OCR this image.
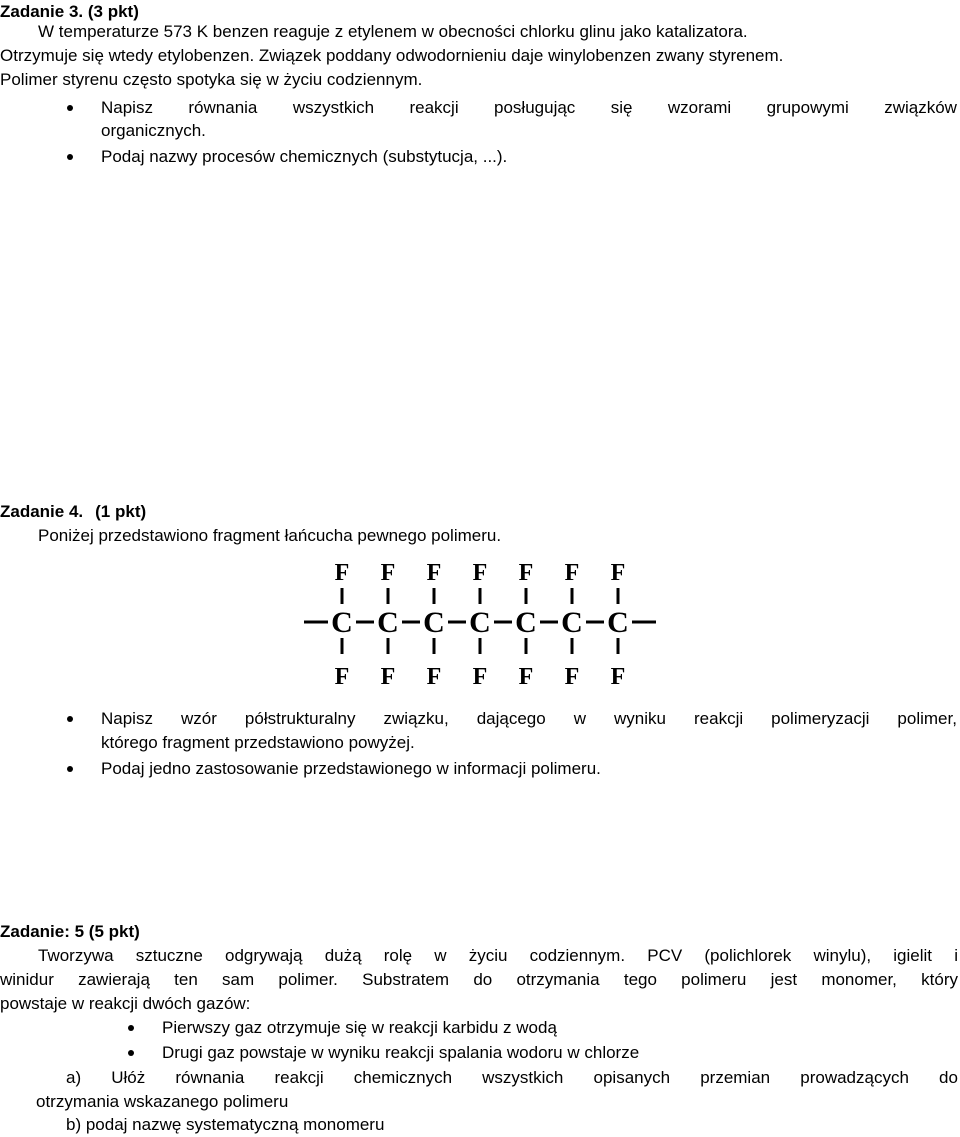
Zadanie 3. (3 pkt)
W temperaturze 573 K benzen reaguje z etylenem w obecności chlorku glinu jako katalizatora.
Otrzymuje się wtedy etylobenzen. Związek poddany odwodornieniu daje winylobenzen zwany styrenem.
Polimer styrenu często spotyka się w życiu codziennym.
Napisz równania wszystkich reakcji posługując się wzorami grupowymi związków
organicznych.
Podaj nazwy procesów chemicznych (substytucja, ...).
Zadanie 4. (1 pkt)
Poniżej przedstawiono fragment łańcucha pewnego polimeru.
F F F F F F F
C C C C C C C
F F F F F F F
Napisz wzór półstrukturalny związku, dającego w wyniku reakcji polimeryzacji polimer,
którego fragment przedstawiono powyżej.
Podaj jedno zastosowanie przedstawionego w informacji polimeru.
Zadanie: 5 (5 pkt)
Tworzywa sztuczne odgrywają dużą rolę w życiu codziennym. PCV (polichlorek winylu), igielit i
winidur zawierają ten sam polimer. Substratem do otrzymania tego polimeru jest monomer, który
powstaje w reakcji dwóch gazów:
Pierwszy gaz otrzymuje się w reakcji karbidu z wodą
Drugi gaz powstaje w wyniku reakcji spalania wodoru w chlorze
a) Ułóż równania reakcji chemicznych wszystkich opisanych przemian prowadzących do
otrzymania wskazanego polimeru
b) podaj nazwę systematyczną monomeru
